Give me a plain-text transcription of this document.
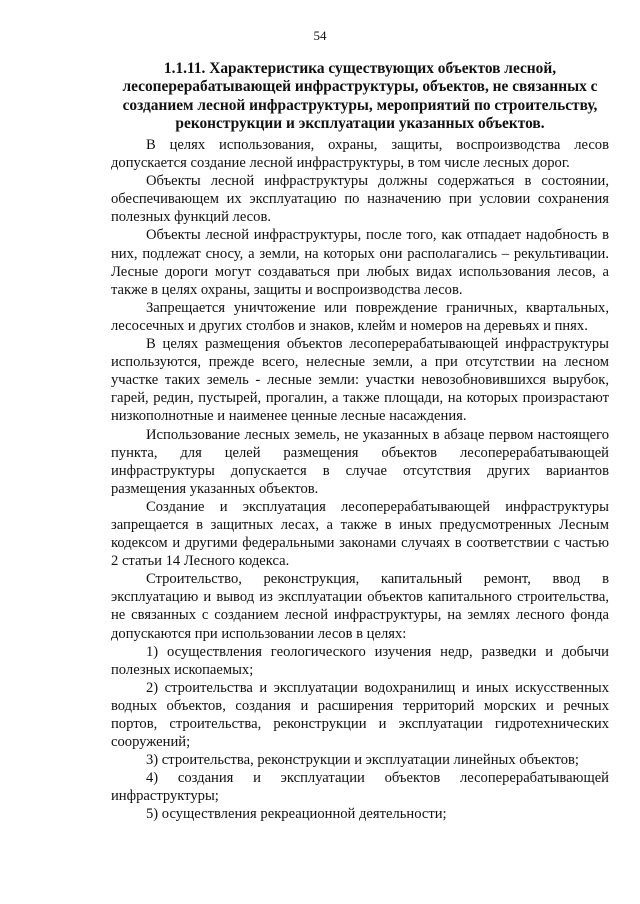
54
1.1.11. Характеристика существующих объектов лесной, лесоперерабатывающей инфраструктуры, объектов, не связанных с созданием лесной инфраструктуры, мероприятий по строительству, реконструкции и эксплуатации указанных объектов.

В целях использования, охраны, защиты, воспроизводства лесов допускается создание лесной инфраструктуры, в том числе лесных дорог.

Объекты лесной инфраструктуры должны содержаться в состоянии, обеспечивающем их эксплуатацию по назначению при условии сохранения полезных функций лесов.

Объекты лесной инфраструктуры, после того, как отпадает надобность в них, подлежат сносу, а земли, на которых они располагались – рекультивации. Лесные дороги могут создаваться при любых видах использования лесов, а также в целях охраны, защиты и воспроизводства лесов.

Запрещается уничтожение или повреждение граничных, квартальных, лесосечных и других столбов и знаков, клейм и номеров на деревьях и пнях.

В целях размещения объектов лесоперерабатывающей инфраструктуры используются, прежде всего, нелесные земли, а при отсутствии на лесном участке таких земель - лесные земли: участки невозобновившихся вырубок, гарей, редин, пустырей, прогалин, а также площади, на которых произрастают низкополнотные и наименее ценные лесные насаждения.

Использование лесных земель, не указанных в абзаце первом настоящего пункта, для целей размещения объектов лесоперерабатывающей инфраструктуры допускается в случае отсутствия других вариантов размещения указанных объектов.

Создание и эксплуатация лесоперерабатывающей инфраструктуры запрещается в защитных лесах, а также в иных предусмотренных Лесным кодексом и другими федеральными законами случаях в соответствии с частью 2 статьи 14 Лесного кодекса.

Строительство, реконструкция, капитальный ремонт, ввод в эксплуатацию и вывод из эксплуатации объектов капитального строительства, не связанных с созданием лесной инфраструктуры, на землях лесного фонда допускаются при использовании лесов в целях:

1) осуществления геологического изучения недр, разведки и добычи полезных ископаемых;

2) строительства и эксплуатации водохранилищ и иных искусственных водных объектов, создания и расширения территорий морских и речных портов, строительства, реконструкции и эксплуатации гидротехнических сооружений;

3) строительства, реконструкции и эксплуатации линейных объектов;

4) создания и эксплуатации объектов лесоперерабатывающей инфраструктуры;

5) осуществления рекреационной деятельности;
